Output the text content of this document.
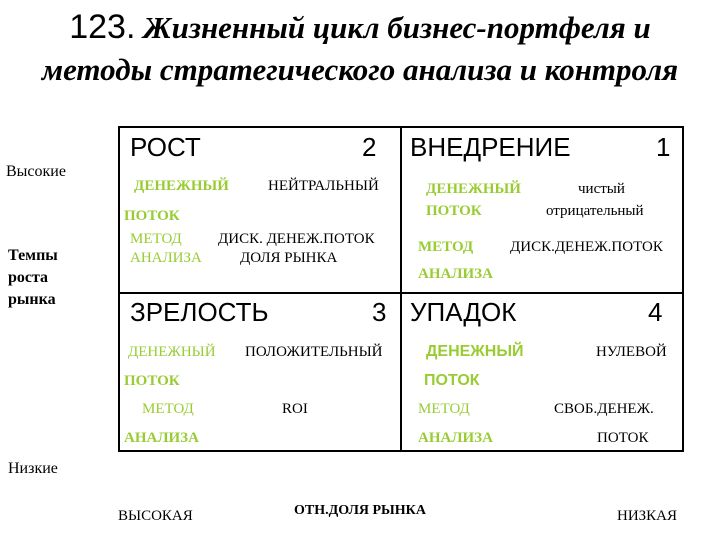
123. Жизненный цикл бизнес-портфеля и
методы стратегического анализа и контроля
Высокие
Темпы
роста
рынка
Низкие
РОСТ	2
ДЕНЕЖНЫЙ	НЕЙТРАЛЬНЫЙ
ПОТОК
МЕТОД ДИСК. ДЕНЕЖ.ПОТОК
АНАЛИЗА	ДОЛЯ РЫНКА
ВНЕДРЕНИЕ	1
ДЕНЕЖНЫЙ
ПОТОК
чистый
отрицательный
МЕТОД ДИСК.ДЕНЕЖ.ПОТОК
АНАЛИЗА
ЗРЕЛОСТЬ	3
ДЕНЕЖНЫЙ ПОЛОЖИТЕЛЬНЫЙ
ПОТОК
МЕТОД	ROI
АНАЛИЗА
УПАДОК	4
ДЕНЕЖНЫЙ	НУЛЕВОЙ
ПОТОК
МЕТОД	СВОБ.ДЕНЕЖ.
АНАЛИЗА	ПОТОК
ВЫСОКАЯ	ОТН.ДОЛЯ РЫНКА	НИЗКАЯ
